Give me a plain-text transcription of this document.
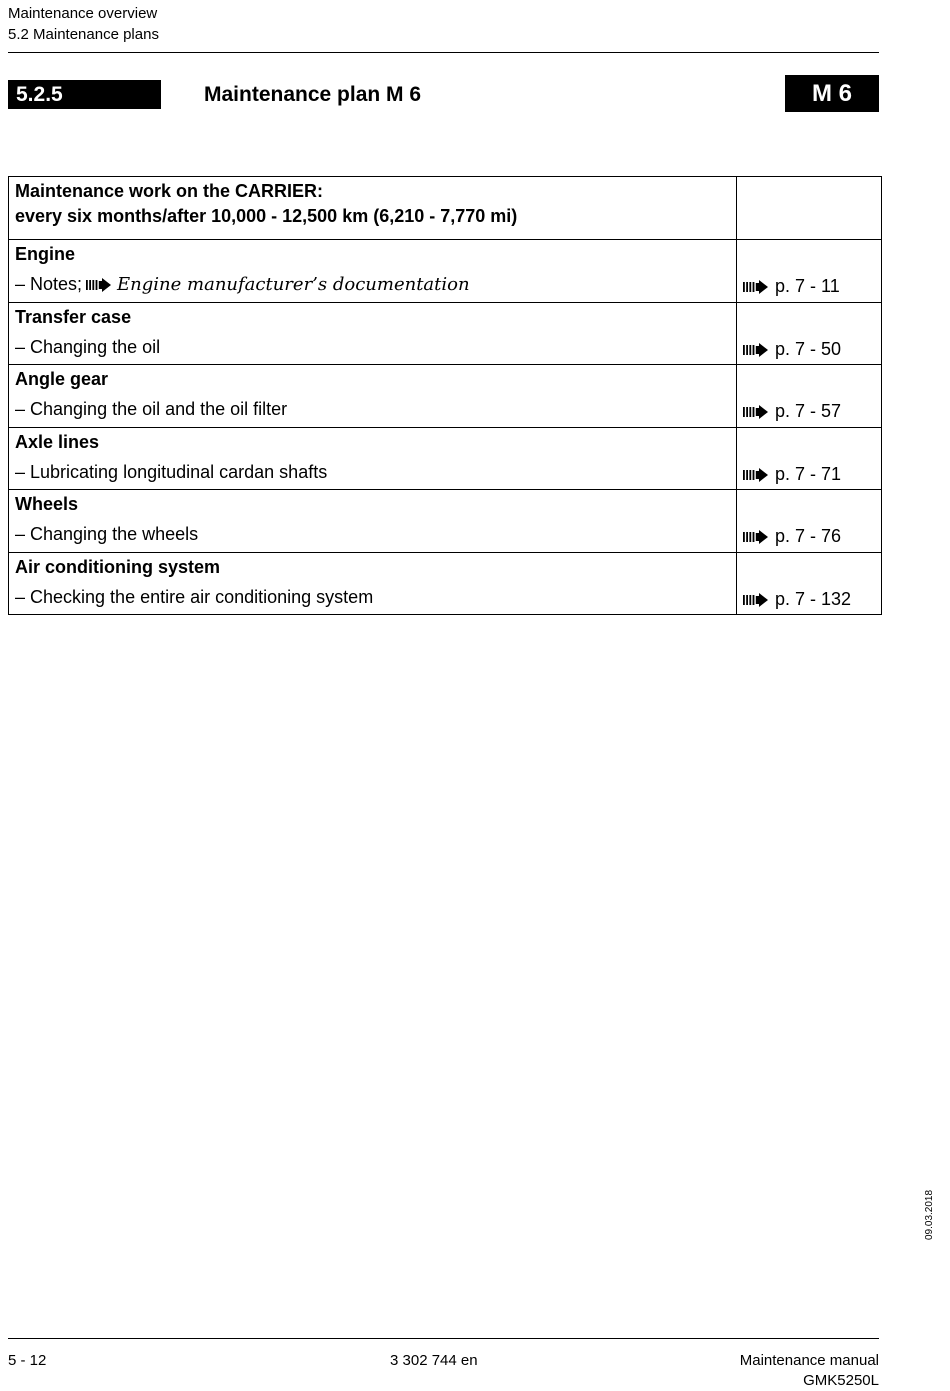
Maintenance overview
5.2 Maintenance plans
5.2.5	Maintenance plan M 6	M 6
Maintenance work on the CARRIER:
every six months/after 10,000 - 12,500 km (6,210 - 7,770 mi)	

Engine
– Notes; Engine manufacturer’s documentation	p. 7 - 11

Transfer case
– Changing the oil	p. 7 - 50

Angle gear
– Changing the oil and the oil filter	p. 7 - 57

Axle lines
– Lubricating longitudinal cardan shafts	p. 7 - 71

Wheels
– Changing the wheels	p. 7 - 76

Air conditioning system
– Checking the entire air conditioning system	p. 7 - 132
09.03.2018
5 - 12	3 302 744 en	Maintenance manual
GMK5250L
